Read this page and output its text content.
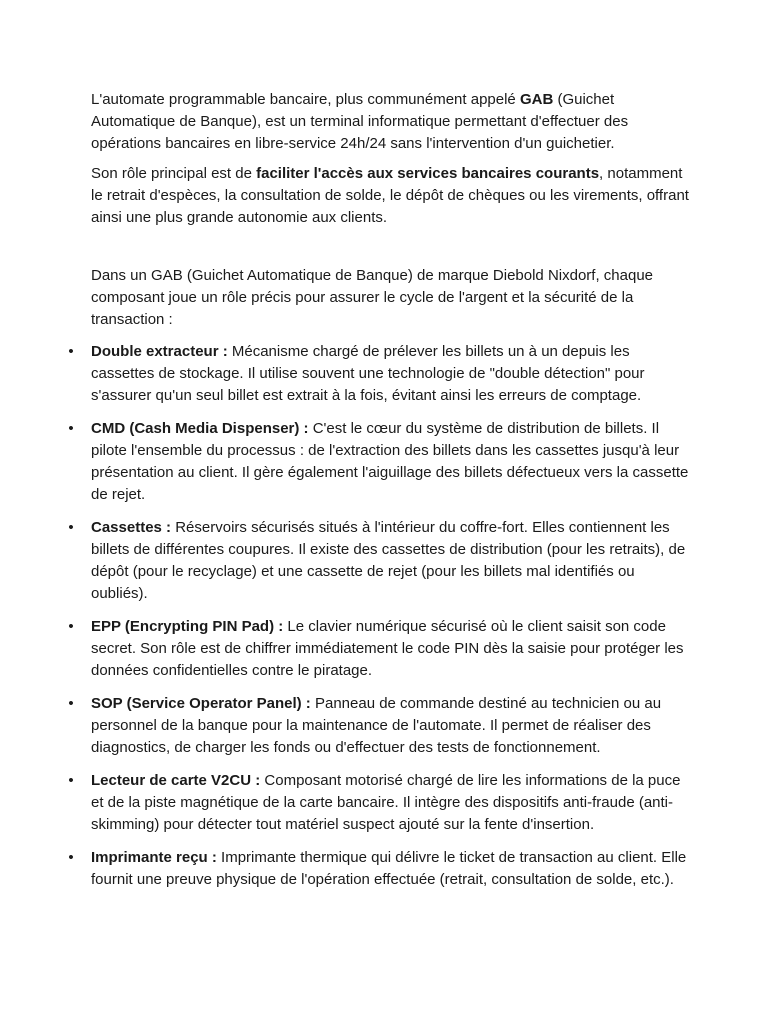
L'automate programmable bancaire, plus communément appelé GAB (Guichet Automatique de Banque), est un terminal informatique permettant d'effectuer des opérations bancaires en libre-service 24h/24 sans l'intervention d'un guichetier.

Son rôle principal est de faciliter l'accès aux services bancaires courants, notamment le retrait d'espèces, la consultation de solde, le dépôt de chèques ou les virements, offrant ainsi une plus grande autonomie aux clients.

Dans un GAB (Guichet Automatique de Banque) de marque Diebold Nixdorf, chaque composant joue un rôle précis pour assurer le cycle de l'argent et la sécurité de la transaction :

• Double extracteur : Mécanisme chargé de prélever les billets un à un depuis les cassettes de stockage. Il utilise souvent une technologie de "double détection" pour s'assurer qu'un seul billet est extrait à la fois, évitant ainsi les erreurs de comptage.
• CMD (Cash Media Dispenser) : C'est le cœur du système de distribution de billets. Il pilote l'ensemble du processus : de l'extraction des billets dans les cassettes jusqu'à leur présentation au client. Il gère également l'aiguillage des billets défectueux vers la cassette de rejet.
• Cassettes : Réservoirs sécurisés situés à l'intérieur du coffre-fort. Elles contiennent les billets de différentes coupures. Il existe des cassettes de distribution (pour les retraits), de dépôt (pour le recyclage) et une cassette de rejet (pour les billets mal identifiés ou oubliés).
• EPP (Encrypting PIN Pad) : Le clavier numérique sécurisé où le client saisit son code secret. Son rôle est de chiffrer immédiatement le code PIN dès la saisie pour protéger les données confidentielles contre le piratage.
• SOP (Service Operator Panel) : Panneau de commande destiné au technicien ou au personnel de la banque pour la maintenance de l'automate. Il permet de réaliser des diagnostics, de charger les fonds ou d'effectuer des tests de fonctionnement.
• Lecteur de carte V2CU : Composant motorisé chargé de lire les informations de la puce et de la piste magnétique de la carte bancaire. Il intègre des dispositifs anti-fraude (anti-skimming) pour détecter tout matériel suspect ajouté sur la fente d'insertion.
• Imprimante reçu : Imprimante thermique qui délivre le ticket de transaction au client. Elle fournit une preuve physique de l'opération effectuée (retrait, consultation de solde, etc.).
